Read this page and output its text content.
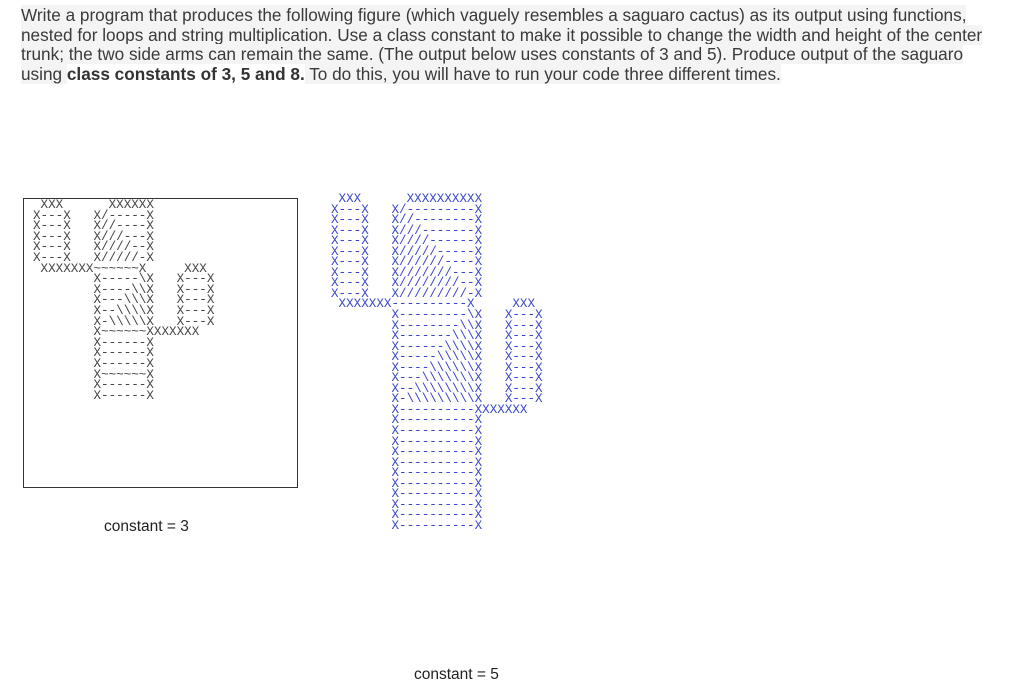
Write a program that produces the following figure (which vaguely resembles a saguaro cactus) as its output using functions, nested for loops and string multiplication. Use a class constant to make it possible to change the width and height of the center trunk; the two side arms can remain the same. (The output below uses constants of 3 and 5). Produce output of the saguaro using class constants of 3, 5 and 8. To do this, you will have to run your code three different times.

XXX      XXXXXX
X---X   X/-----X
X---X   X//----X
X---X   X///---X
X---X   X////--X
X---X   X/////-X
XXXXXXX~~~~~~X     XXX
X-----\X   X---X
X----\\X   X---X
X---\\\X   X---X
X--\\\\X   X---X
X-\\\\\X   X---X
X~~~~~~XXXXXXX
X------X
X------X
X------X
X~~~~~~X
X------X
X------X
XXX      XXXXXXXXXX
X---X   X/---------X
X---X   X//--------X
X---X   X///-------X
X---X   X////------X
X---X   X/////-----X
X---X   X//////----X
X---X   X///////---X
X---X   X////////--X
X---X   X/////////-X
XXXXXXX----------X     XXX
X---------\X   X---X
X--------\\X   X---X
X-------\\\X   X---X
X------\\\\X   X---X
X-----\\\\\X   X---X
X----\\\\\\X   X---X
X---\\\\\\\X   X---X
X--\\\\\\\\X   X---X
X-\\\\\\\\\X   X---X
X----------XXXXXXX
X----------X
X----------X
X----------X
X----------X
X----------X
X----------X
X----------X
X----------X
X----------X
X----------X
X----------X
constant = 3
constant = 5
